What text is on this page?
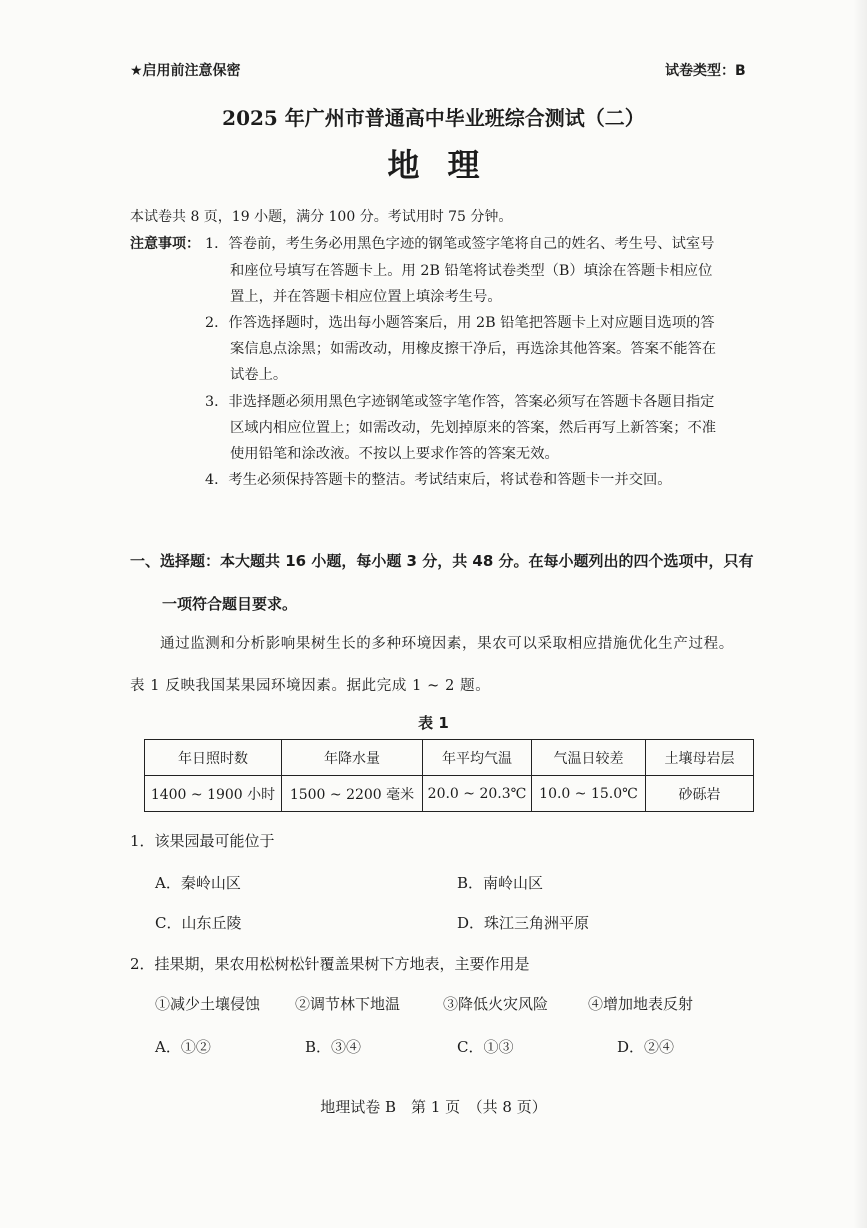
★启用前注意保密	试卷类型：B
2025 年广州市普通高中毕业班综合测试（二）
地理
本试卷共 8 页，19 小题，满分 100 分。考试用时 75 分钟。
注意事项： 1．答卷前，考生务必用黑色字迹的钢笔或签字笔将自己的姓名、考生号、试室号
和座位号填写在答题卡上。用 2B 铅笔将试卷类型（B）填涂在答题卡相应位
置上，并在答题卡相应位置上填涂考生号。
2．作答选择题时，选出每小题答案后，用 2B 铅笔把答题卡上对应题目选项的答
案信息点涂黑；如需改动，用橡皮擦干净后，再选涂其他答案。答案不能答在
试卷上。
3．非选择题必须用黑色字迹钢笔或签字笔作答，答案必须写在答题卡各题目指定
区域内相应位置上；如需改动，先划掉原来的答案，然后再写上新答案；不准
使用铅笔和涂改液。不按以上要求作答的答案无效。
4．考生必须保持答题卡的整洁。考试结束后，将试卷和答题卡一并交回。
一、选择题：本大题共 16 小题，每小题 3 分，共 48 分。在每小题列出的四个选项中，只有
一项符合题目要求。
通过监测和分析影响果树生长的多种环境因素，果农可以采取相应措施优化生产过程。
表 1 反映我国某果园环境因素。据此完成 1 ~ 2 题。
表 1
年日照时数	年降水量	年平均气温	气温日较差	土壤母岩层
1400 ~ 1900 小时	1500 ~ 2200 毫米	20.0 ~ 20.3℃	10.0 ~ 15.0℃	砂砾岩
1．该果园最可能位于
A．秦岭山区	B．南岭山区
C．山东丘陵	D．珠江三角洲平原
2．挂果期，果农用松树松针覆盖果树下方地表，主要作用是
①减少土壤侵蚀 ②调节林下地温	③降低火灾风险	④增加地表反射
A．①②	B．③④	C．①③	D．②④
地理试卷 B　第 1 页　（共 8 页）
